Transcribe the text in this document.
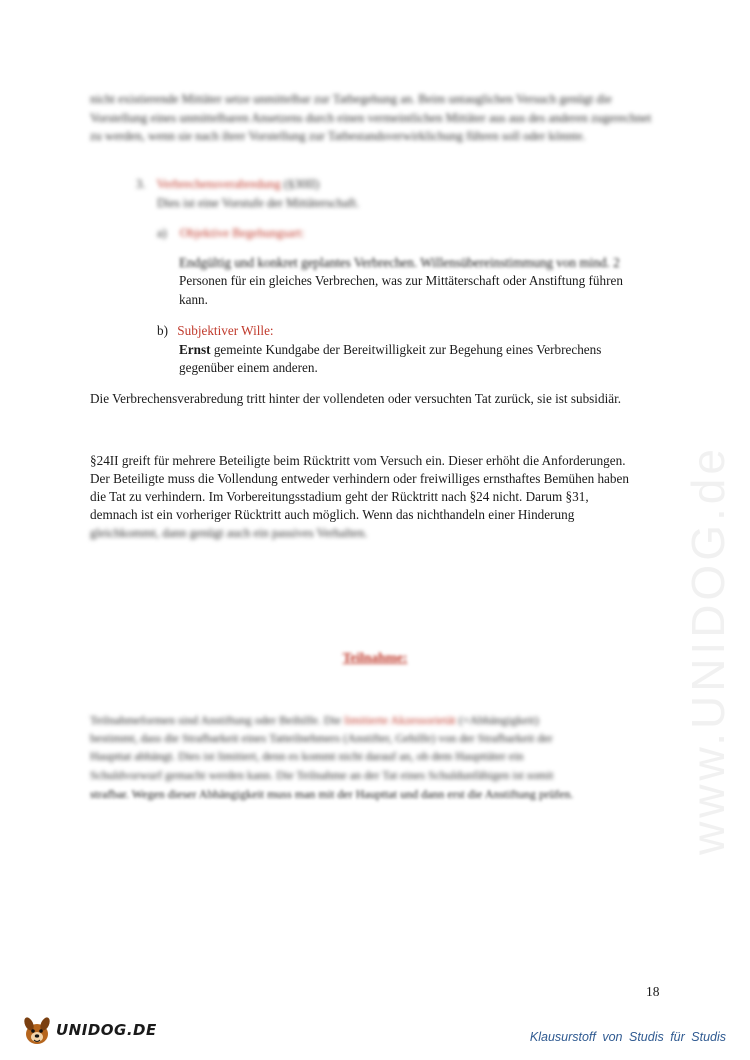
www.UNIDOG.de
nicht existierende Mittäter setze unmittelbar zur Tatbegehung an. Beim untauglichen Versuch genügt die Vorstellung eines unmittelbaren Ansetzens durch einen vermeintlichen Mittäter aus aus des anderen zugerechnet zu werden, wenn sie nach ihrer Vorstellung zur Tatbestandsverwirklichung führen soll oder könnte.
3. Verbrechensverabredung (§30II)
Dies ist eine Vorstufe der Mittäterschaft.
a) Objektive Begehungsart:
Endgültig und konkret geplantes Verbrechen. Willensübereinstimmung von mind. 2
Personen für ein gleiches Verbrechen, was zur Mittäterschaft oder Anstiftung führen
kann.
b) Subjektiver Wille:
Ernst gemeinte Kundgabe der Bereitwilligkeit zur Begehung eines Verbrechens
gegenüber einem anderen.
Die Verbrechensverabredung tritt hinter der vollendeten oder versuchten Tat zurück, sie ist subsidiär.
§24II greift für mehrere Beteiligte beim Rücktritt vom Versuch ein. Dieser erhöht die Anforderungen.
Der Beteiligte muss die Vollendung entweder verhindern oder freiwilliges ernsthaftes Bemühen haben
die Tat zu verhindern. Im Vorbereitungsstadium geht der Rücktritt nach §24 nicht. Darum §31,
demnach ist ein vorheriger Rücktritt auch möglich. Wenn das nichthandeln einer Hinderung
gleichkommt, dann genügt auch ein passives Verhalten.
Teilnahme:
Teilnahmeformen sind Anstiftung oder Beihilfe. Die limitierte Akzessorietät (=Abhängigkeit)
bestimmt, dass die Strafbarkeit eines Tatteilnehmers (Anstifter, Gehilfe) von der Strafbarkeit der
Haupttat abhängt. Dies ist limitiert, denn es kommt nicht darauf an, ob dem Haupttäter ein
Schuldvorwurf gemacht werden kann. Die Teilnahme an der Tat eines Schuldunfähigen ist somit
strafbar. Wegen dieser Abhängigkeit muss man mit der Haupttat und dann erst die Anstiftung prüfen.
18
UNIDOG.DE	Klausurstoff von Studis für Studis
